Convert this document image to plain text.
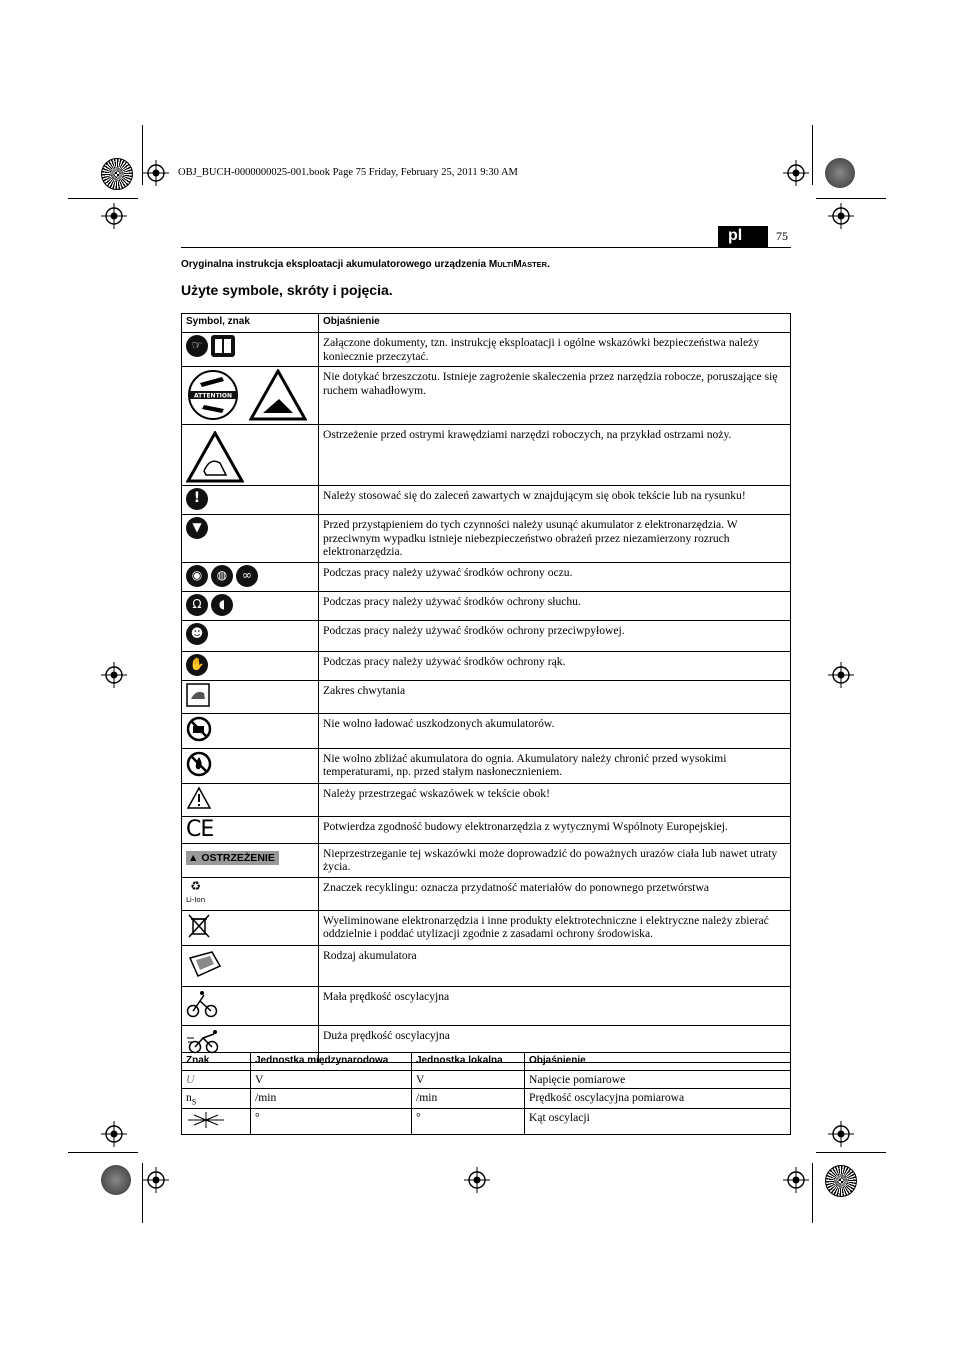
OBJ_BUCH-0000000025-001.book Page 75 Friday, February 25, 2011 9:30 AM
pl	75
Oryginalna instrukcja eksploatacji akumulatorowego urządzenia MULTIMASTER.
Użyte symbole, skróty i pojęcia.
Symbol, znak	Objaśnienie

☞	Załączone dokumenty, tzn. instrukcję eksploatacji i ogólne wskazówki bezpieczeństwa należy koniecznie przeczytać.

ATTENTION	Nie dotykać brzeszczotu. Istnieje zagrożenie skaleczenia przez narzędzia robocze, poruszające się ruchem wahadłowym.
	Ostrzeżenie przed ostrymi krawędziami narzędzi roboczych, na przykład ostrzami noży.

!	Należy stosować się do zaleceń zawartych w znajdującym się obok tekście lub na rysunku!

▼	Przed przystąpieniem do tych czynności należy usunąć akumulator z elektronarzędzia. W przeciwnym wypadku istnieje niebezpieczeństwo obrażeń przez niezamierzony rozruch elektronarzędzia.

◉ ◍ ∞	Podczas pracy należy używać środków ochrony oczu.

Ω ◖	Podczas pracy należy używać środków ochrony słuchu.

☻	Podczas pracy należy używać środków ochrony przeciwpyłowej.

✋	Podczas pracy należy używać środków ochrony rąk.
	Zakres chwytania
	Nie wolno ładować uszkodzonych akumulatorów.
	Nie wolno zbliżać akumulatora do ognia. Akumulatory należy chronić przed wysokimi temperaturami, np. przed stałym nasłonecznieniem.
	Należy przestrzegać wskazówek w tekście obok!
CE	Potwierdza zgodność budowy elektronarzędzia z wytycznymi Wspólnoty Europejskiej.
▲ OSTRZEŻENIE	Nieprzestrzeganie tej wskazówki może doprowadzić do poważnych urazów ciała lub nawet utraty życia.
♻
Li-Ion	Znaczek recyklingu: oznacza przydatność materiałów do ponownego przetwórstwa
	Wyeliminowane elektronarzędzia i inne produkty elektrotechniczne i elektryczne należy zbierać oddzielnie i poddać utylizacji zgodnie z zasadami ochrony środowiska.
	Rodzaj akumulatora
	Mała prędkość oscylacyjna
	Duża prędkość oscylacyjna
Znak	Jednostka międzynarodowa	Jednostka lokalna	Objaśnienie
U	V	V	Napięcie pomiarowe
$n_S$	/min	/min	Prędkość oscylacyjna pomiarowa
	°	°	Kąt oscylacji
